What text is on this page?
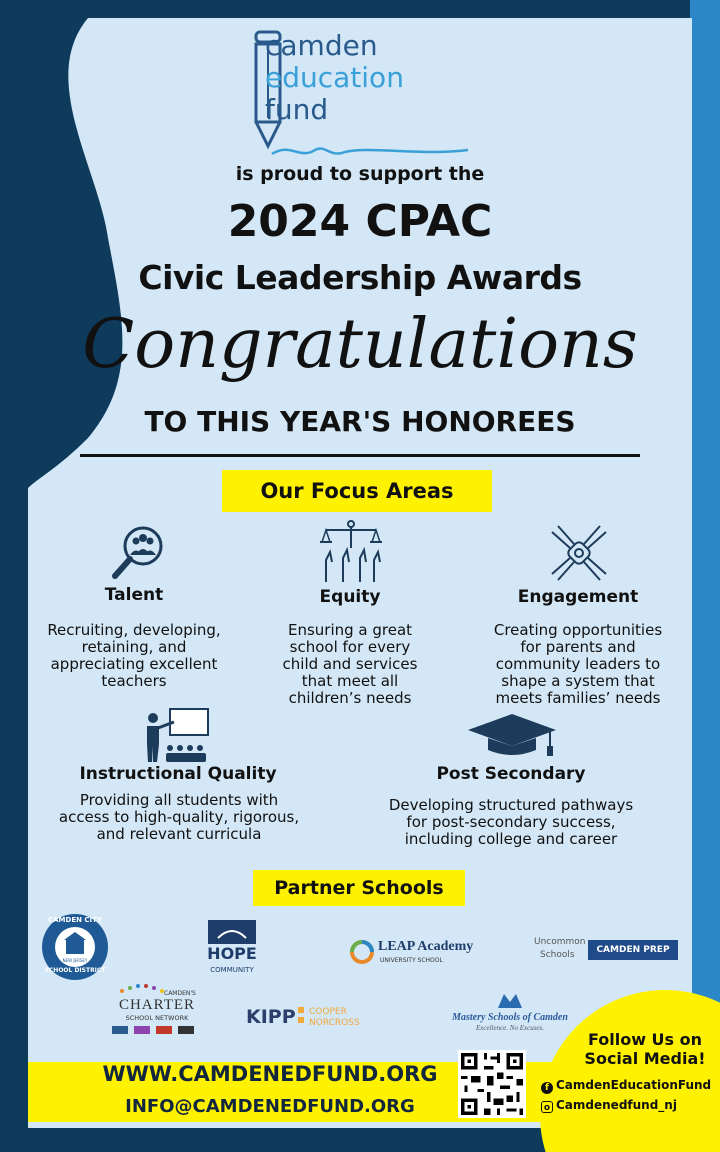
camden
education
fund
is proud to support the
2024 CPAC
Civic Leadership Awards
Congratulations
TO THIS YEAR'S HONOREES
Our Focus Areas
Talent
Recruiting, developing,
retaining, and
appreciating excellent
teachers
Equity
Ensuring a great
school for every
child and services
that meet all
children’s needs
Engagement
Creating opportunities
for parents and
community leaders to
shape a system that
meets families’ needs
Instructional Quality
Providing all students with
access to high-quality, rigorous,
and relevant curricula
Post Secondary
Developing structured pathways
for post-secondary success,
including college and career
Partner Schools
CAMDEN CITY
NEW JERSEY
SCHOOL DISTRICT
HOPE
COMMUNITY
LEAP Academy
UNIVERSITY SCHOOL
Uncommon
Schools	CAMDEN PREP
CAMDEN'S
CHARTER
SCHOOL NETWORK	KIPP COOPER
NORCROSS	Mastery Schools of Camden
Excellence. No Excuses.
WWW.CAMDENEDFUND.ORG
INFO@CAMDENEDFUND.ORG
Follow Us on Social Media!
f CamdenEducationFund
o Camdenedfund_nj
